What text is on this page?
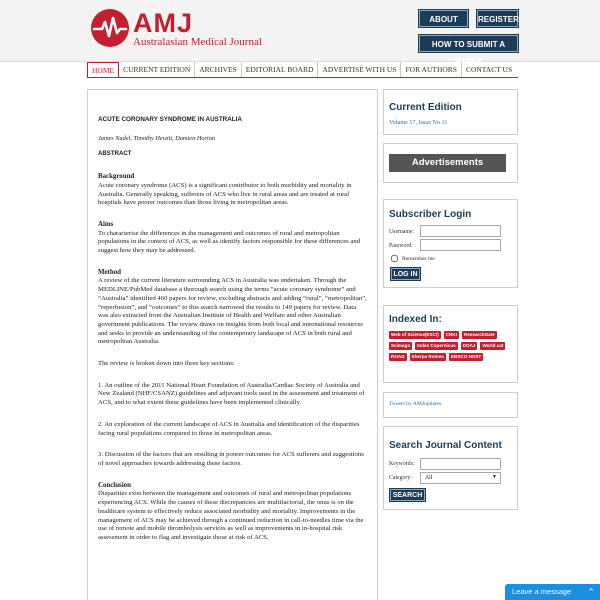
AMJ
Australasian Medical Journal
ABOUT	REGISTER
HOW TO SUBMIT A PAPER
HOME	CURRENT EDITION	ARCHIVES	EDITORIAL BOARD	ADVERTISE WITH US	FOR AUTHORS	CONTACT US
ACUTE CORONARY SYNDROME IN AUSTRALIA
James Nadel, Timothy Hewitt, Damien Horton
ABSTRACT
Background

Acute coronary syndrome (ACS) is a significant contributor to both morbidity and mortality in Australia. Generally speaking, sufferers of ACS who live in rural areas and are treated at rural hospitals have poorer outcomes than those living in metropolitan areas.

Aims

To characterise the differences in the management and outcomes of rural and metropolitan populations in the context of ACS, as well as identify factors responsible for these differences and suggest how they may be addressed.

Method

A review of the current literature surrounding ACS in Australia was undertaken. Through the MEDLINE/PubMed database a thorough search using the terms “acute coronary syndrome” and “Australia” identified 460 papers for review, excluding abstracts and adding “rural”, “metropolitan”, “reperfusion”, and “outcomes” to this search narrowed the results to 149 papers for review. Data was also extracted from the Australian Institute of Health and Welfare and other Australian government publications. The review draws on insights from both local and international resources and seeks to provide an understanding of the contemporary landscape of ACS in both rural and metropolitan Australia.

The review is broken down into three key sections:

1. An outline of the 2011 National Heart Foundation of Australia/Cardiac Society of Australia and New Zealand (NHF/CSANZ) guidelines and adjuvant tools used in the assessment and treatment of ACS, and to what extent these guidelines have been implemented clinically.

2. An exploration of the current landscape of ACS in Australia and identification of the disparities facing rural populations compared to those in metropolitan areas.

3. Discussion of the factors that are resulting in poorer outcomes for ACS sufferers and suggestions of novel approaches towards addressing these factors.

Conclusion

Disparities exist between the management and outcomes of rural and metropolitan populations experiencing ACS. While the causes of these discrepancies are multifactorial, the onus is on the healthcare system to effectively reduce associated morbidity and mortality. Improvements in the management of ACS may be achieved through a continued reduction in call-to-needles time via the use of remote and mobile thrombolysis services as well as improvements in in-hospital risk assessment in order to flag and investigate those at risk of ACS.

Current Edition
Volume 17, Issue No 11
Advertisements
Subscriber Login
Username:
Password:
Remember me
LOG IN
Indexed In:
Web of Science(ESCI)	CNKI	ResearchGate
Scimago	Index Copernicus	DOAJ	World cat
ROAD	Sherpa Romeo	EBSCO HOST
Tweets by AMJupdates
Search Journal Content
Keywords:
Category:	All	▼
SEARCH
Leave a message ⌃
